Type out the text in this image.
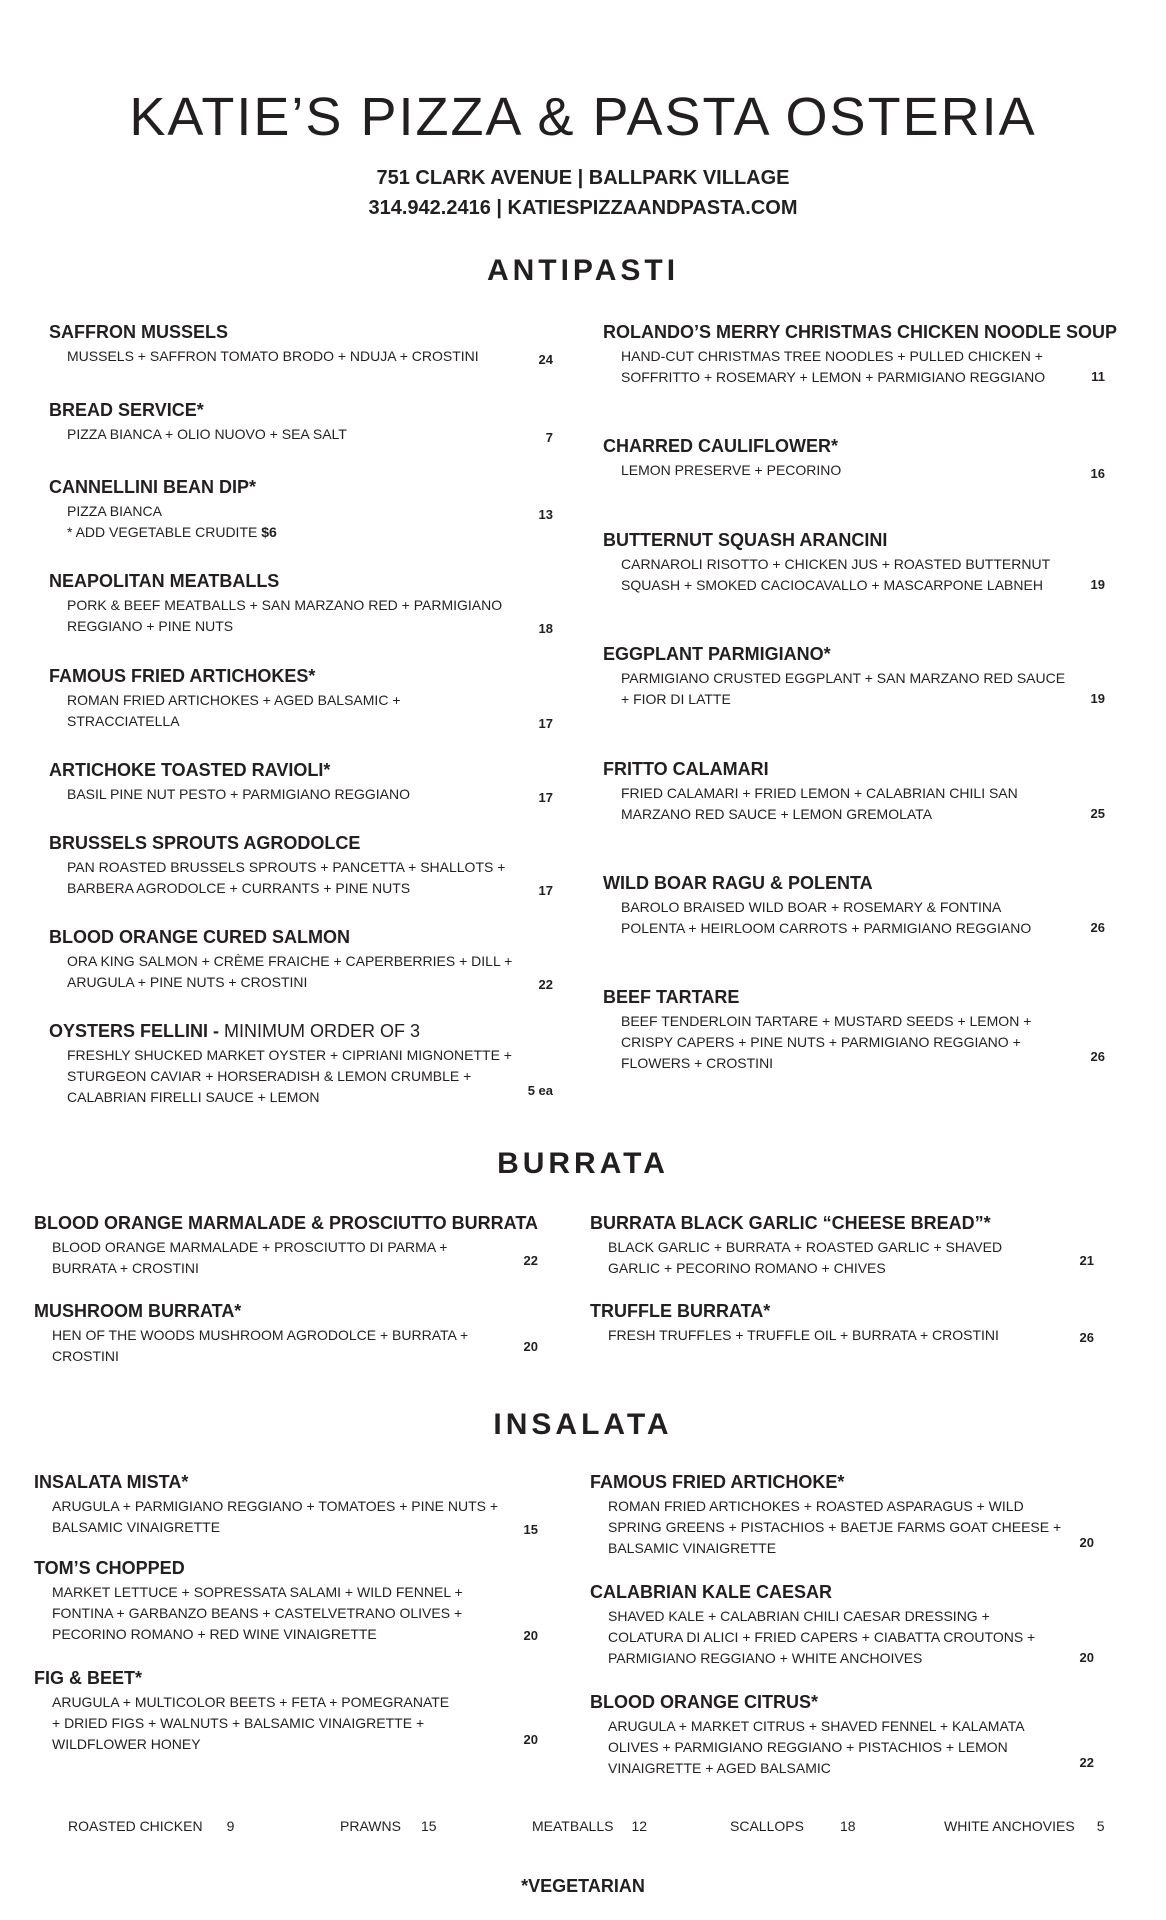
KATIE’S PIZZA & PASTA OSTERIA
751 CLARK AVENUE | BALLPARK VILLAGE
314.942.2416 | KATIESPIZZAANDPASTA.COM
ANTIPASTI
SAFFRON MUSSELS
MUSSELS + SAFFRON TOMATO BRODO + NDUJA + CROSTINI	24
BREAD SERVICE*
PIZZA BIANCA + OLIO NUOVO + SEA SALT	7
CANNELLINI BEAN DIP*
PIZZA BIANCA
* ADD VEGETABLE CRUDITE $6
13
NEAPOLITAN MEATBALLS
PORK & BEEF MEATBALLS + SAN MARZANO RED + PARMIGIANO
REGGIANO + PINE NUTS	18
FAMOUS FRIED ARTICHOKES*
ROMAN FRIED ARTICHOKES + AGED BALSAMIC +
STRACCIATELLA	17
ARTICHOKE TOASTED RAVIOLI*
BASIL PINE NUT PESTO + PARMIGIANO REGGIANO	17
BRUSSELS SPROUTS AGRODOLCE
PAN ROASTED BRUSSELS SPROUTS + PANCETTA + SHALLOTS +
BARBERA AGRODOLCE + CURRANTS + PINE NUTS	17
BLOOD ORANGE CURED SALMON
ORA KING SALMON + CRÈME FRAICHE + CAPERBERRIES + DILL +
ARUGULA + PINE NUTS + CROSTINI	22
OYSTERS FELLINI - MINIMUM ORDER OF 3
FRESHLY SHUCKED MARKET OYSTER + CIPRIANI MIGNONETTE +
STURGEON CAVIAR + HORSERADISH & LEMON CRUMBLE +
CALABRIAN FIRELLI SAUCE + LEMON	5 ea
ROLANDO’S MERRY CHRISTMAS CHICKEN NOODLE SOUP
HAND-CUT CHRISTMAS TREE NOODLES + PULLED CHICKEN +
SOFFRITTO + ROSEMARY + LEMON + PARMIGIANO REGGIANO	11
CHARRED CAULIFLOWER*
LEMON PRESERVE + PECORINO	16
BUTTERNUT SQUASH ARANCINI
CARNAROLI RISOTTO + CHICKEN JUS + ROASTED BUTTERNUT
SQUASH + SMOKED CACIOCAVALLO + MASCARPONE LABNEH	19
EGGPLANT PARMIGIANO*
PARMIGIANO CRUSTED EGGPLANT + SAN MARZANO RED SAUCE
+ FIOR DI LATTE	19
FRITTO CALAMARI
FRIED CALAMARI + FRIED LEMON + CALABRIAN CHILI SAN
MARZANO RED SAUCE + LEMON GREMOLATA	25
WILD BOAR RAGU & POLENTA
BAROLO BRAISED WILD BOAR + ROSEMARY & FONTINA
POLENTA + HEIRLOOM CARROTS + PARMIGIANO REGGIANO	26
BEEF TARTARE
BEEF TENDERLOIN TARTARE + MUSTARD SEEDS + LEMON +
CRISPY CAPERS + PINE NUTS + PARMIGIANO REGGIANO +
FLOWERS + CROSTINI	26
BURRATA
BLOOD ORANGE MARMALADE & PROSCIUTTO BURRATA
BLOOD ORANGE MARMALADE + PROSCIUTTO DI PARMA +
BURRATA + CROSTINI	22
MUSHROOM BURRATA*
HEN OF THE WOODS MUSHROOM AGRODOLCE + BURRATA +
CROSTINI
20
BURRATA BLACK GARLIC “CHEESE BREAD”*
BLACK GARLIC + BURRATA + ROASTED GARLIC + SHAVED
GARLIC + PECORINO ROMANO + CHIVES	21
TRUFFLE BURRATA*
FRESH TRUFFLES + TRUFFLE OIL + BURRATA + CROSTINI	26
INSALATA
INSALATA MISTA*
ARUGULA + PARMIGIANO REGGIANO + TOMATOES + PINE NUTS +
BALSAMIC VINAIGRETTE	15
TOM’S CHOPPED
MARKET LETTUCE + SOPRESSATA SALAMI + WILD FENNEL +
FONTINA + GARBANZO BEANS + CASTELVETRANO OLIVES +
PECORINO ROMANO + RED WINE VINAIGRETTE	20
FIG & BEET*
ARUGULA + MULTICOLOR BEETS + FETA + POMEGRANATE
+ DRIED FIGS + WALNUTS + BALSAMIC VINAIGRETTE +
WILDFLOWER HONEY	20
FAMOUS FRIED ARTICHOKE*
ROMAN FRIED ARTICHOKES + ROASTED ASPARAGUS + WILD
SPRING GREENS + PISTACHIOS + BAETJE FARMS GOAT CHEESE +
BALSAMIC VINAIGRETTE	20
CALABRIAN KALE CAESAR
SHAVED KALE + CALABRIAN CHILI CAESAR DRESSING +
COLATURA DI ALICI + FRIED CAPERS + CIABATTA CROUTONS +
PARMIGIANO REGGIANO + WHITE ANCHOIVES	20
BLOOD ORANGE CITRUS*
ARUGULA + MARKET CITRUS + SHAVED FENNEL + KALAMATA
OLIVES + PARMIGIANO REGGIANO + PISTACHIOS + LEMON
VINAIGRETTE + AGED BALSAMIC	22
ROASTED CHICKEN 9	PRAWNS 15	MEATBALLS 12	SCALLOPS	18	WHITE ANCHOVIES 5
*VEGETARIAN
